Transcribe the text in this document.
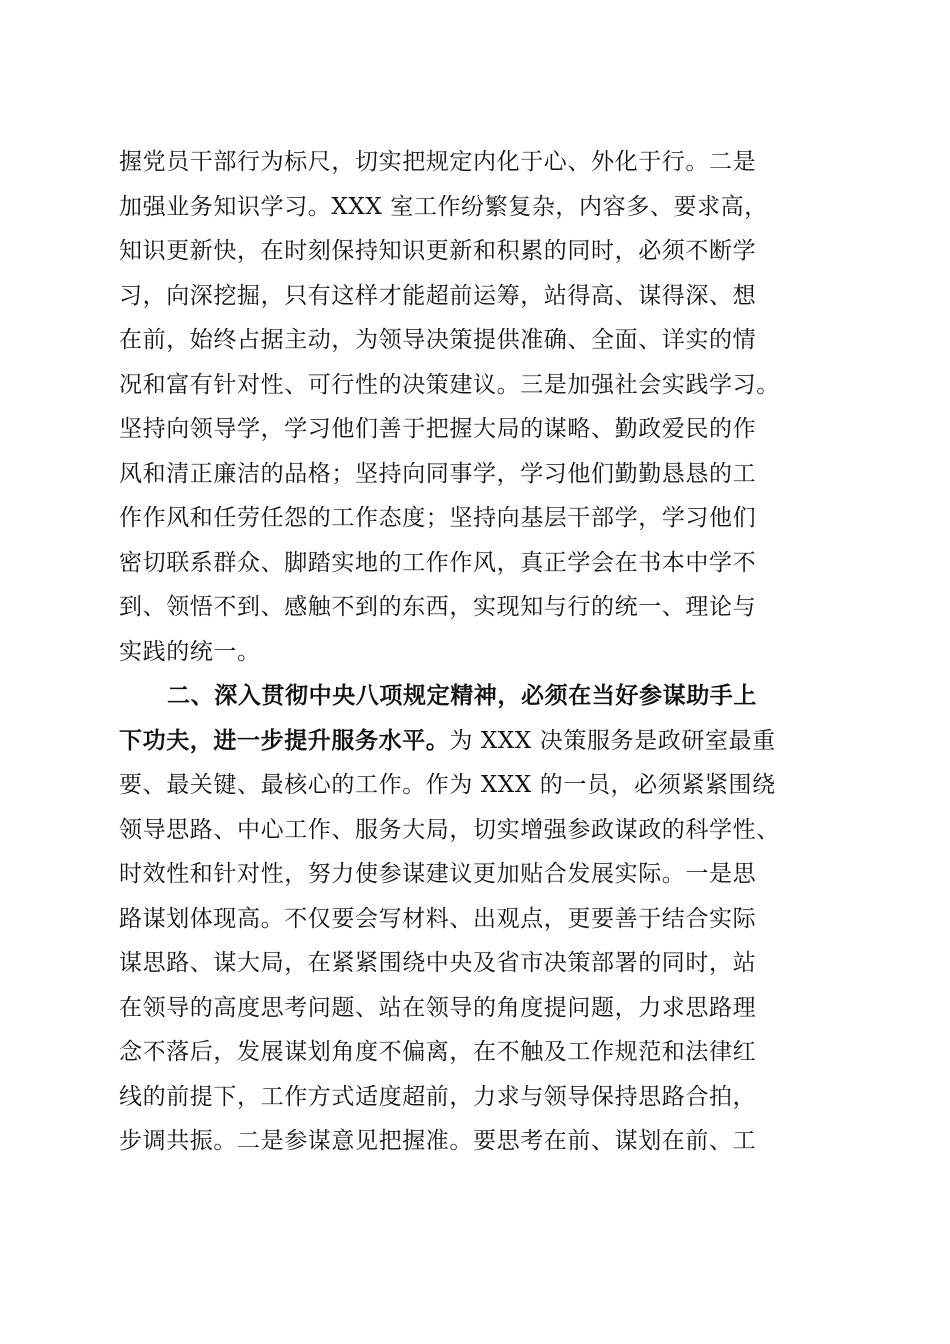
握党员干部行为标尺，切实把规定内化于心、外化于行。二是
加强业务知识学习。XXX 室工作纷繁复杂，内容多、要求高，
知识更新快，在时刻保持知识更新和积累的同时，必须不断学
习，向深挖掘，只有这样才能超前运筹，站得高、谋得深、想
在前，始终占据主动，为领导决策提供准确、全面、详实的情
况和富有针对性、可行性的决策建议。三是加强社会实践学习。
坚持向领导学，学习他们善于把握大局的谋略、勤政爱民的作
风和清正廉洁的品格；坚持向同事学，学习他们勤勤恳恳的工
作作风和任劳任怨的工作态度；坚持向基层干部学，学习他们
密切联系群众、脚踏实地的工作作风，真正学会在书本中学不
到、领悟不到、感触不到的东西，实现知与行的统一、理论与
实践的统一。
二、深入贯彻中央八项规定精神，必须在当好参谋助手上
下功夫，进一步提升服务水平。为 XXX 决策服务是政研室最重
要、最关键、最核心的工作。作为 XXX 的一员，必须紧紧围绕
领导思路、中心工作、服务大局，切实增强参政谋政的科学性、
时效性和针对性，努力使参谋建议更加贴合发展实际。一是思
路谋划体现高。不仅要会写材料、出观点，更要善于结合实际
谋思路、谋大局，在紧紧围绕中央及省市决策部署的同时，站
在领导的高度思考问题、站在领导的角度提问题，力求思路理
念不落后，发展谋划角度不偏离，在不触及工作规范和法律红
线的前提下，工作方式适度超前，力求与领导保持思路合拍，
步调共振。二是参谋意见把握准。要思考在前、谋划在前、工
